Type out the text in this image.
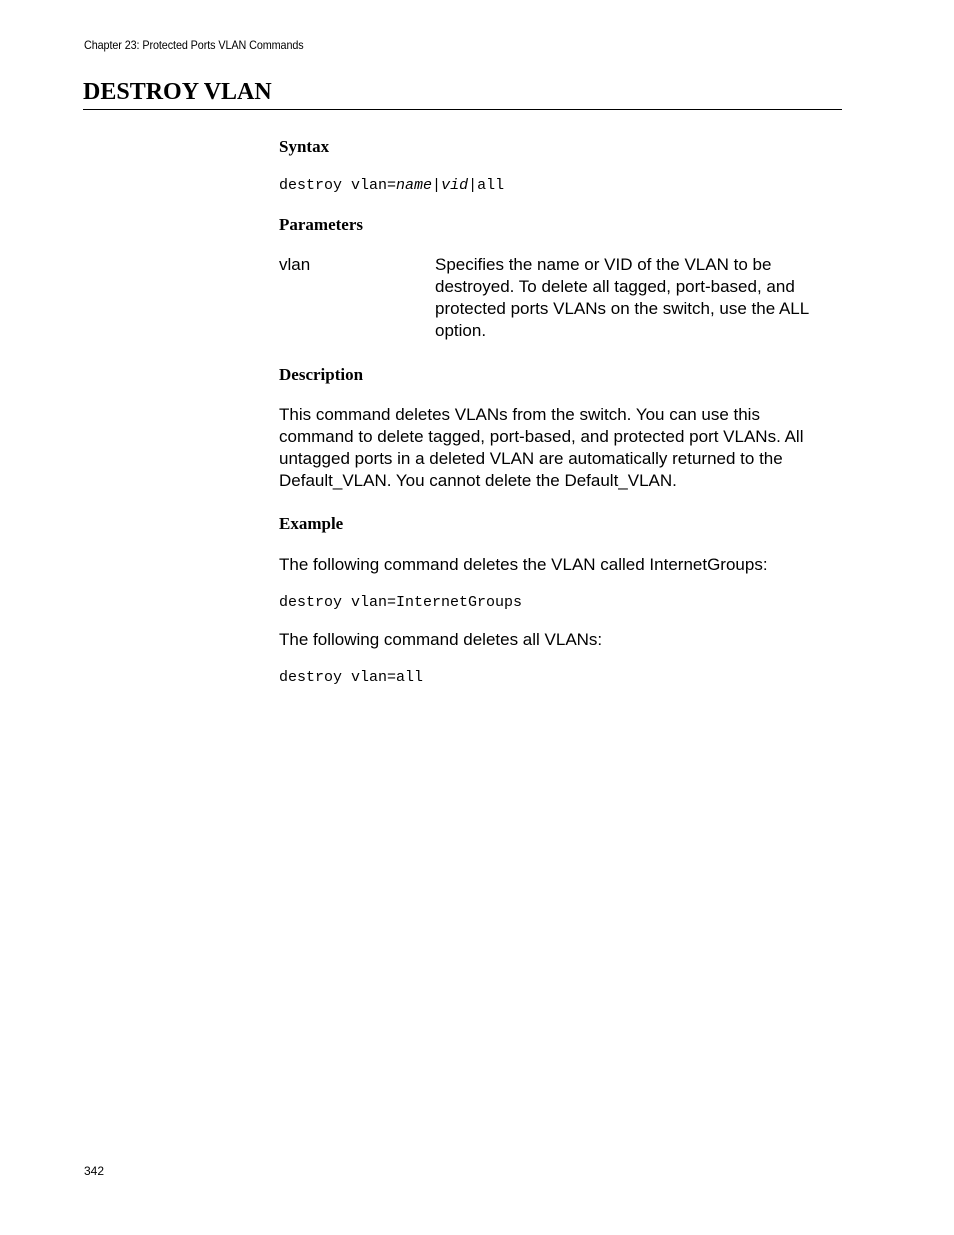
Chapter 23: Protected Ports VLAN Commands
DESTROY VLAN
Syntax
destroy vlan=name|vid|all
Parameters
vlan	Specifies the name or VID of the VLAN to be destroyed. To delete all tagged, port-based, and protected ports VLANs on the switch, use the ALL option.

Description

This command deletes VLANs from the switch. You can use this command to delete tagged, port-based, and protected port VLANs. All untagged ports in a deleted VLAN are automatically returned to the Default_VLAN. You cannot delete the Default_VLAN.

Example

The following command deletes the VLAN called InternetGroups:

destroy vlan=InternetGroups

The following command deletes all VLANs:

destroy vlan=all
342
